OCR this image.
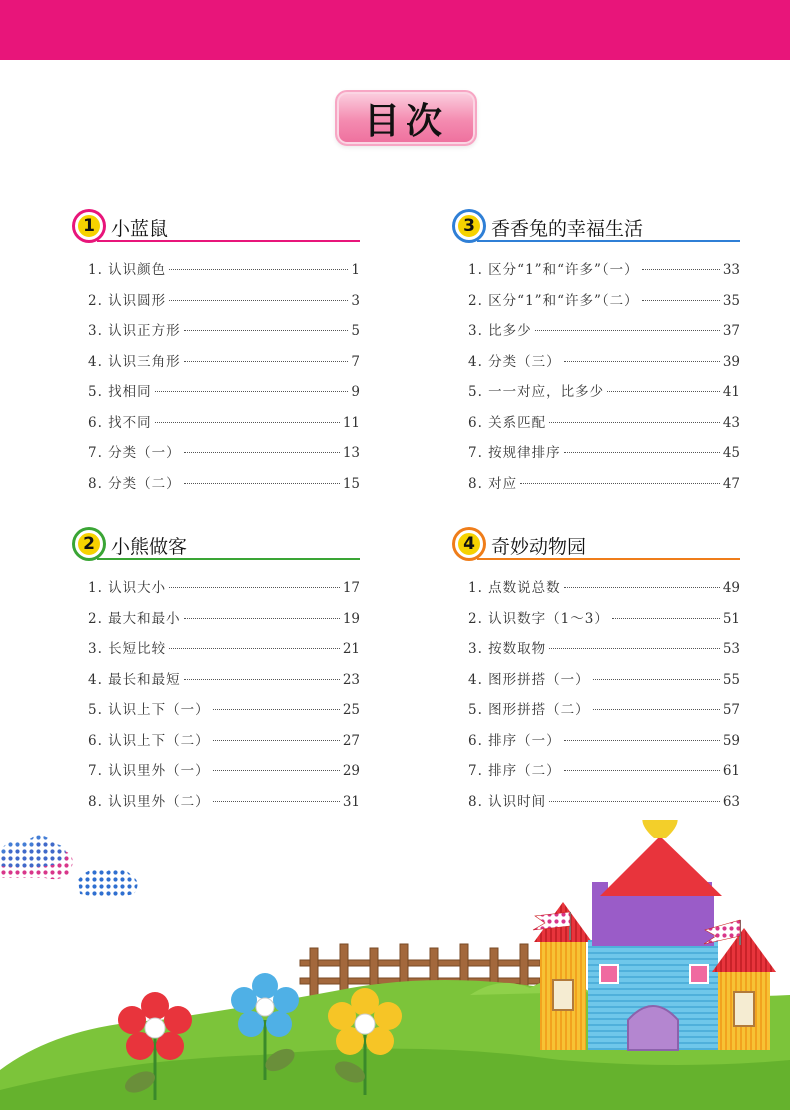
目次
1 小蓝鼠
1. 认识颜色	1
2. 认识圆形	3
3. 认识正方形	5
4. 认识三角形	7
5. 找相同	9
6. 找不同	11
7. 分类（一）	13
8. 分类（二）	15
2 小熊做客
1. 认识大小	17
2. 最大和最小	19
3. 长短比较	21
4. 最长和最短	23
5. 认识上下（一）	25
6. 认识上下（二）	27
7. 认识里外（一）	29
8. 认识里外（二）	31
3 香香兔的幸福生活
1. 区分“1”和“许多”（一）	33
2. 区分“1”和“许多”（二）	35
3. 比多少	37
4. 分类（三）	39
5. 一一对应，比多少	41
6. 关系匹配	43
7. 按规律排序	45
8. 对应	47
4 奇妙动物园
1. 点数说总数	49
2. 认识数字（1～3）	51
3. 按数取物	53
4. 图形拼搭（一）	55
5. 图形拼搭（二）	57
6. 排序（一）	59
7. 排序（二）	61
8. 认识时间	63
